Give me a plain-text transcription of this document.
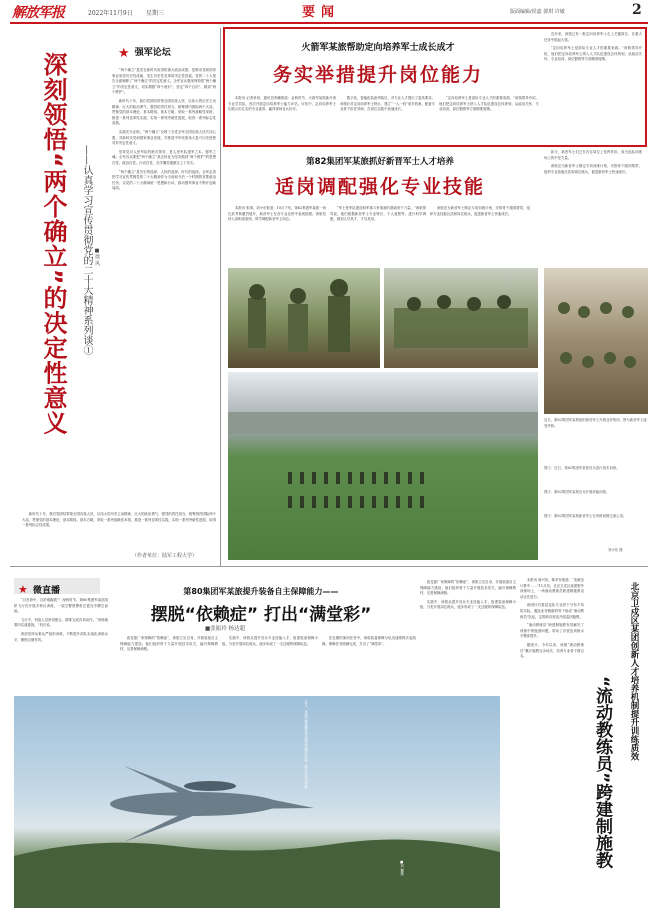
解放军报	2022年11月9日 星期三	要闻	版面编辑/侯嘉 郭琪 许敏	2
★ 强军论坛
深刻领悟“两个确立”的决定性意义 ——认真学习宣传贯彻党的二十大精神系列谈① ■徐 风

“两个确立”是党在新时代取得的重大政治成果，是推动党和国家事业取得历史性成就、发生历史性变革的决定性因素。党的二十大报告全面阐释了“两个确立”的决定性意义。全军官兵要深刻领悟“两个确立”的决定性意义，切实增强“四个意识”、坚定“四个自信”、做到“两个维护”。

新时代十年，我们党团结带领全国各族人民，以伟大的历史主动精神、巨大的政治勇气、强烈的责任担当，统筹国内国际两个大局，贯彻党的基本理论、基本路线、基本方略，采取一系列战略性举措，推进一系列变革性实践，实现一系列突破性进展，取得一系列标志性成果。

实践充分证明，“两个确立”反映了全党全军全国各族人民共同心愿，对新时代党和国家事业发展、对推进中华民族伟大复兴历史进程具有决定性意义。

坚持党对人民军队的绝对领导，是人民军队建军之本、强军之魂。全军官兵要把“两个确立”真正转化为坚决做到“两个维护”的思想自觉、政治自觉、行动自觉，在学懂弄通做实上下功夫。

“两个确立”是历史的选择、人民的选择、时代的选择。全军必须把学习宣传贯彻党的二十大精神作为当前和今后一个时期的首要政治任务，以党的二十大精神统一思想和行动，推动强军事业不断开创新局面。

新时代十年，我们党团结带领全国各族人民，以伟大的历史主动精神、巨大的政治勇气、强烈的责任担当，统筹国内国际两个大局，贯彻党的基本理论、基本路线、基本方略，采取一系列战略性举措，推进一系列变革性实践，实现一系列突破性进展，取得一系列标志性成果。

（作者单位：陆军工程大学）
火箭军某旅帮助定向培养军士成长成才
务实举措提升岗位能力

本报讯 记者单易、通讯员李鹏报道：金秋时节，火箭军某旅新开训专业学员队，首次开展定向培养军士能力评估。评估中，定向培养军士们展示出扎实的专业素养，赢得现场官兵好评。

数字化、智能化装备列装后，对专业人才提出了更高要求。该旅针对定向培养军士特点，建立“一人一档”成长档案，配备专业骨干担任导师，在岗位实践中加速成长。

“定向培养军士是部队专业人才的重要来源。”该旅领导介绍，他们把定向培养军士纳入人才队伍建设总体规划，从政治关怀、专业培训、岗位锻炼等方面精准施策。

近年来，该旅已有一批定向培养军士走上关键岗位，在重大任务中挑起大梁。

“定向培养军士是部队专业人才的重要来源。”该旅领导介绍，他们把定向培养军士纳入人才队伍建设总体规划，从政治关怀、专业培训、岗位锻炼等方面精准施策。

第82集团军某旅抓好新晋军士人才培养
适岗调配强化专业技能

本报讯 张琪、刘小东报道：10月下旬，第82集团军某旅一场比武考核激烈展开，新晋军士在各专业比拼中表现抢眼。该旅坚持人岗相适原则，科学调配新晋军士岗位。

“军士是军队建设和军事斗争准备的基础骨干力量。”该旅领导说，他们根据新晋军士专业特长、个人意愿等，进行科学调配，做到人尽其才、才尽其用。

该旅还为新晋军士制定专项训练计划，安排骨干跟训帮带，组织专业技能比武和岗位练兵，促进新晋军士快速成长。

如今，新晋军士们已在各自岗位上发挥作用，成为连队训练场上的中坚力量。

该旅还为新晋军士制定专项训练计划，安排骨干跟训帮带，组织专业技能比武和岗位练兵，促进新晋军士快速成长。

近日，第82集团军某旅组织新晋军士开展业务集训。图为新晋军士接受考核。
图①：近日，第82集团军某旅官兵进行战术训练。
图②：第82集团军某旅官兵开展体能训练。
图③：第82集团军某旅新晋军士在训练间隙交流心得。
刘小东 摄
★ 微直播

“百发命中，百折难摧我”！深秋时节，第80集团军某部组织飞行员开展多科目训练，一架空警预警机在霞光中腾空而起。

飞行中，机组人员密切配合，精准完成各项动作。“训练就要向实战靠拢。”机长说。

该部坚持从难从严组织训练，不断提升部队实战化训练水平，锤炼过硬作风。

第80集团军某旅提升装备自主保障能力——
摆脱“依赖症” 打出“满堂彩”
■张振玲 杨达超

改变靠厂家保障的“依赖症”，该旅立足自身，开展装备自主保障能力建设。他们组织骨干力量开展技术攻关，编写保障教材，完善保障流程。

实践中，该旅从提升官兵专业技能入手，组建装备保障小组，分类开展岗位练兵，逐步形成了一支过硬的保障队伍。

在近期的演训任务中，该旅装备保障分队迅速排除多起故障，保障任务圆满完成，打出了“满堂彩”。

改变靠厂家保障的“依赖症”，该旅立足自身，开展装备自主保障能力建设。他们组织骨干力量开展技术攻关，编写保障教材，完善保障流程。

实践中，该旅从提升官兵专业技能入手，组建装备保障小组，分类开展岗位练兵，逐步形成了一支过硬的保障队伍。

近日，某部空警预警机在霞光中腾空而起，展开多科目训练。
■刘 巍摄

本报讯 蒋兴伟、陈孝东报道：“变截至计算中……”11月初，北京卫戍区某团野外训练场上，一场流动教练员跨建制施教活动正在进行。

该团针对基层连队专业骨干分布不均的实际，遴选业务精湛的骨干组成“流动教练员”队伍，定期到各营连开展巡回施教。

“流动教练员”跨建制施教有效解决了训练中的瓶颈问题，带动了各营连训练水平整体提升。

据统计，今年以来，该团“流动教练员”累计施教百余场次，培养专业骨干数百名。	北京卫戍区某团创新人才培养机制提升训练质效
“流动教练员”跨建制施教
